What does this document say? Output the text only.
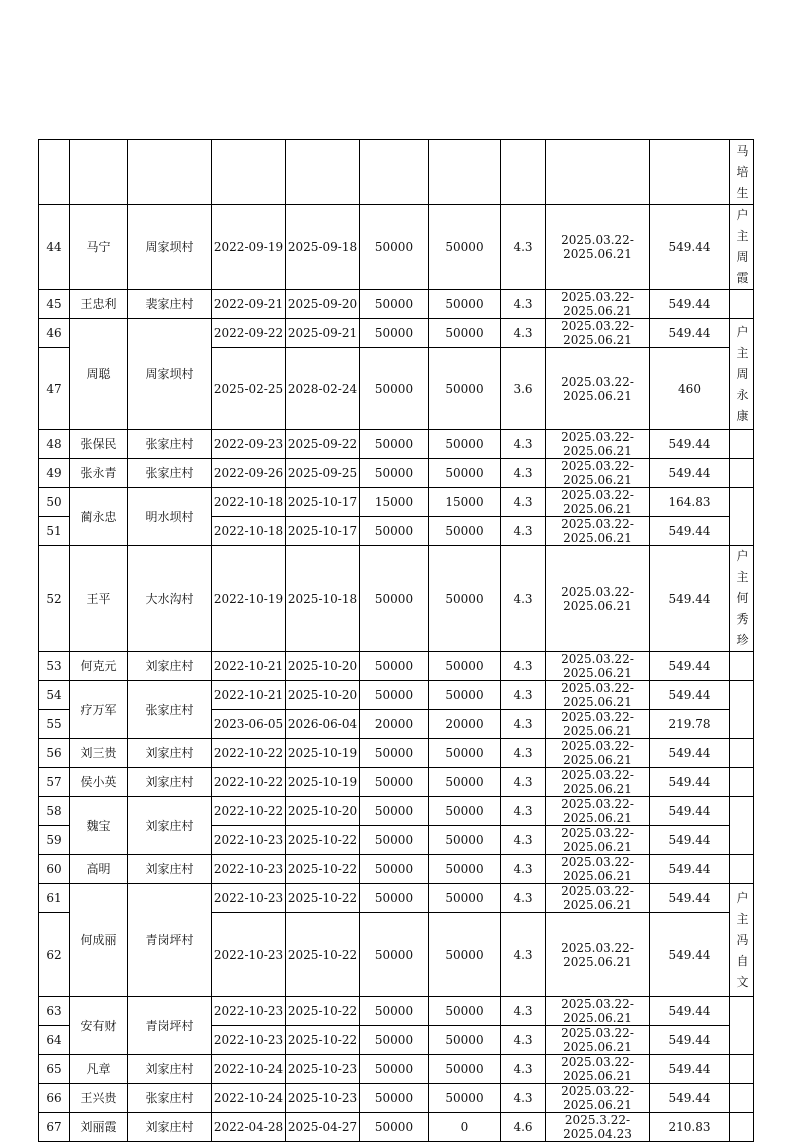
										马培生
44	马宁	周家坝村	2022-09-19	2025-09-18	50000	50000	4.3	2025.03.22-2025.06.21	549.44	户主周霞
45	王忠利	裴家庄村	2022-09-21	2025-09-20	50000	50000	4.3	2025.03.22-2025.06.21	549.44	
46	周聪	周家坝村	2022-09-22	2025-09-21	50000	50000	4.3	2025.03.22-2025.06.21	549.44	户主周永康
47			2025-02-25	2028-02-24	50000	50000	3.6	2025.03.22-2025.06.21	460	
48	张保民	张家庄村	2022-09-23	2025-09-22	50000	50000	4.3	2025.03.22-2025.06.21	549.44	
49	张永青	张家庄村	2022-09-26	2025-09-25	50000	50000	4.3	2025.03.22-2025.06.21	549.44	
50	蔺永忠	明水坝村	2022-10-18	2025-10-17	15000	15000	4.3	2025.03.22-2025.06.21	164.83	
51			2022-10-18	2025-10-17	50000	50000	4.3	2025.03.22-2025.06.21	549.44	
52	王平	大水沟村	2022-10-19	2025-10-18	50000	50000	4.3	2025.03.22-2025.06.21	549.44	户主何秀珍
53	何克元	刘家庄村	2022-10-21	2025-10-20	50000	50000	4.3	2025.03.22-2025.06.21	549.44	
54	疗万军	张家庄村	2022-10-21	2025-10-20	50000	50000	4.3	2025.03.22-2025.06.21	549.44	
55			2023-06-05	2026-06-04	20000	20000	4.3	2025.03.22-2025.06.21	219.78	
56	刘三贵	刘家庄村	2022-10-22	2025-10-19	50000	50000	4.3	2025.03.22-2025.06.21	549.44	
57	侯小英	刘家庄村	2022-10-22	2025-10-19	50000	50000	4.3	2025.03.22-2025.06.21	549.44	
58	魏宝	刘家庄村	2022-10-22	2025-10-20	50000	50000	4.3	2025.03.22-2025.06.21	549.44	
59			2022-10-23	2025-10-22	50000	50000	4.3	2025.03.22-2025.06.21	549.44	
60	高明	刘家庄村	2022-10-23	2025-10-22	50000	50000	4.3	2025.03.22-2025.06.21	549.44	
61	何成丽	青岗坪村	2022-10-23	2025-10-22	50000	50000	4.3	2025.03.22-2025.06.21	549.44	户主冯自文
62			2022-10-23	2025-10-22	50000	50000	4.3	2025.03.22-2025.06.21	549.44	
63	安有财	青岗坪村	2022-10-23	2025-10-22	50000	50000	4.3	2025.03.22-2025.06.21	549.44	
64			2022-10-23	2025-10-22	50000	50000	4.3	2025.03.22-2025.06.21	549.44	
65	凡章	刘家庄村	2022-10-24	2025-10-23	50000	50000	4.3	2025.03.22-2025.06.21	549.44	
66	王兴贵	张家庄村	2022-10-24	2025-10-23	50000	50000	4.3	2025.03.22-2025.06.21	549.44	
67	刘丽霞	刘家庄村	2022-04-28	2025-04-27	50000	0	4.6	2025.3.22-2025.04.23	210.83	
